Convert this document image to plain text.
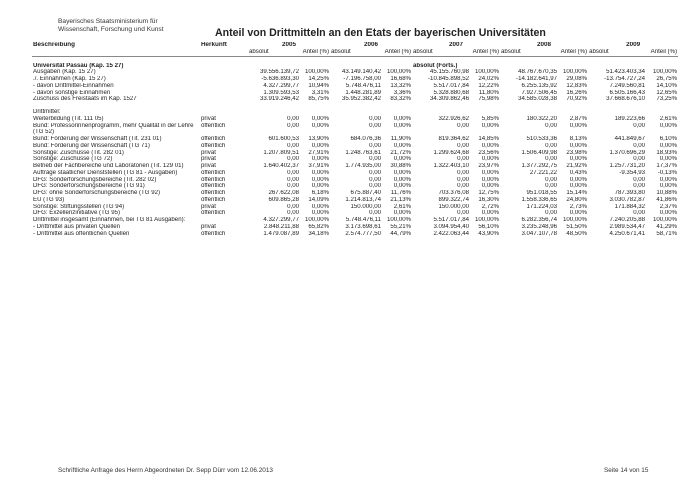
Bayerisches Staatsministerium für
Wissenschaft, Forschung und Kunst	Anteil von Drittmitteln an den Etats der bayerischen Universitäten
Beschreibung	Herkunft	2005		2006		2007		2008		2009	
		absolut	Anteil (%)	absolut	Anteil (%)	absolut	Anteil (%)	absolut	Anteil (%)	absolut	Anteil (%)

Universität Passau (Kap. 15 27)						absolut (Forts.)					
Ausgaben (Kap. 15 27)		39.556.139,72	100,00%	43.149.140,42	100,00%	45.155.760,98	100,00%	48.767.670,35	100,00%	51.423.403,34	100,00%
./. Einnahmen (Kap. 15 27)		-5.636.893,30	14,25%	-7.196.758,00	16,68%	-10.845.898,52	24,02%	-14.182.641,97	29,08%	-13.754.727,24	26,75%
- davon Drittmittel-Einnahmen		4.327.299,77	10,94%	5.748.476,11	13,32%	5.517.017,84	12,22%	6.255.135,92	12,83%	7.249.560,81	14,10%
- davon sonstige Einnahmen		1.309.593,53	3,31%	1.448.281,89	3,36%	5.328.880,68	11,80%	7.927.506,45	16,26%	6.505.166,43	12,65%
Zuschuss des Freistaats im Kap. 1527		33.919.246,42	85,75%	35.952.382,42	83,32%	34.309.862,46	75,98%	34.585.028,38	70,92%	37.668.676,10	73,25%

Drittmittel:											
Weiterbildung (Tit. 111 05)	privat	0,00	0,00%	0,00	0,00%	322.926,62	5,85%	180.322,20	2,87%	189.223,66	2,61%
Bund: Professorinnenprogramm, mehr Qualität in der Lehre	öffentlich	0,00	0,00%	0,00	0,00%	0,00	0,00%	0,00	0,00%	0,00	0,00%
(TG 52)											
Bund: Förderung der Wissenschaft (Tit. 231 01)	öffentlich	601.600,53	13,90%	684.076,36	11,90%	819.364,62	14,85%	510.533,36	8,13%	441.849,67	6,10%
Bund: Förderung der Wissenschaft (TG 71)	öffentlich	0,00	0,00%	0,00	0,00%	0,00	0,00%	0,00	0,00%	0,00	0,00%
Sonstige: Zuschüsse (Tit. 282 01)	privat	1.207.809,51	27,91%	1.248.763,61	21,72%	1.299.624,68	23,56%	1.506.409,98	23,98%	1.370.696,29	18,93%
Sonstige: Zuschüsse (TG 72)	privat	0,00	0,00%	0,00	0,00%	0,00	0,00%	0,00	0,00%	0,00	0,00%
Betrieb der Fachbereiche und Laboratorien (Tit. 129 01)	privat	1.640.402,37	37,91%	1.774.935,00	30,88%	1.322.403,10	23,97%	1.377.292,75	21,92%	1.257.731,20	17,37%
Aufträge staatlicher Dienststellen (TG 81 - Ausgaben)	öffentlich	0,00	0,00%	0,00	0,00%	0,00	0,00%	27.221,22	0,43%	-9.354,93	-0,13%
DFG: Sonderforschungsbereiche (Tit. 282 02)	öffentlich	0,00	0,00%	0,00	0,00%	0,00	0,00%	0,00	0,00%	0,00	0,00%
DFG: Sonderforschungsbereiche (TG 91)	öffentlich	0,00	0,00%	0,00	0,00%	0,00	0,00%	0,00	0,00%	0,00	0,00%
DFG: ohne Sonderforschungsbereiche (TG 92)	öffentlich	267.622,08	6,18%	675.887,40	11,76%	703.376,08	12,75%	951.018,55	15,14%	787.393,80	10,88%
EU (TG 93)	öffentlich	609.865,28	14,09%	1.214.813,74	21,13%	899.322,74	16,30%	1.558.336,65	24,80%	3.030.782,87	41,86%
Sonstige: Stiftungsstellen (TG 94)	privat	0,00	0,00%	150.000,00	2,61%	150.000,00	2,72%	171.224,03	2,73%	171.884,32	2,37%
DFG: Exzellenzinitiative (TG 95)	öffentlich	0,00	0,00%	0,00	0,00%	0,00	0,00%	0,00	0,00%	0,00	0,00%
Drittmittel insgesamt (Einnahmen, bei TG 81 Ausgaben):		4.327.299,77	100,00%	5.748.476,11	100,00%	5.517.017,84	100,00%	6.282.356,74	100,00%	7.240.205,88	100,00%
- Drittmittel aus privaten Quellen	privat	2.848.211,88	65,82%	3.173.698,61	55,21%	3.094.954,40	56,10%	3.235.248,96	51,50%	2.989.534,47	41,29%
- Drittmittel aus öffentlichen Quellen	öffentlich	1.479.087,89	34,18%	2.574.777,50	44,79%	2.422.063,44	43,90%	3.047.107,78	48,50%	4.250.671,41	58,71%
Schriftliche Anfrage des Herrn Abgeordneten Dr. Sepp Dürr vom 12.06.2013	Seite 14 von 15
